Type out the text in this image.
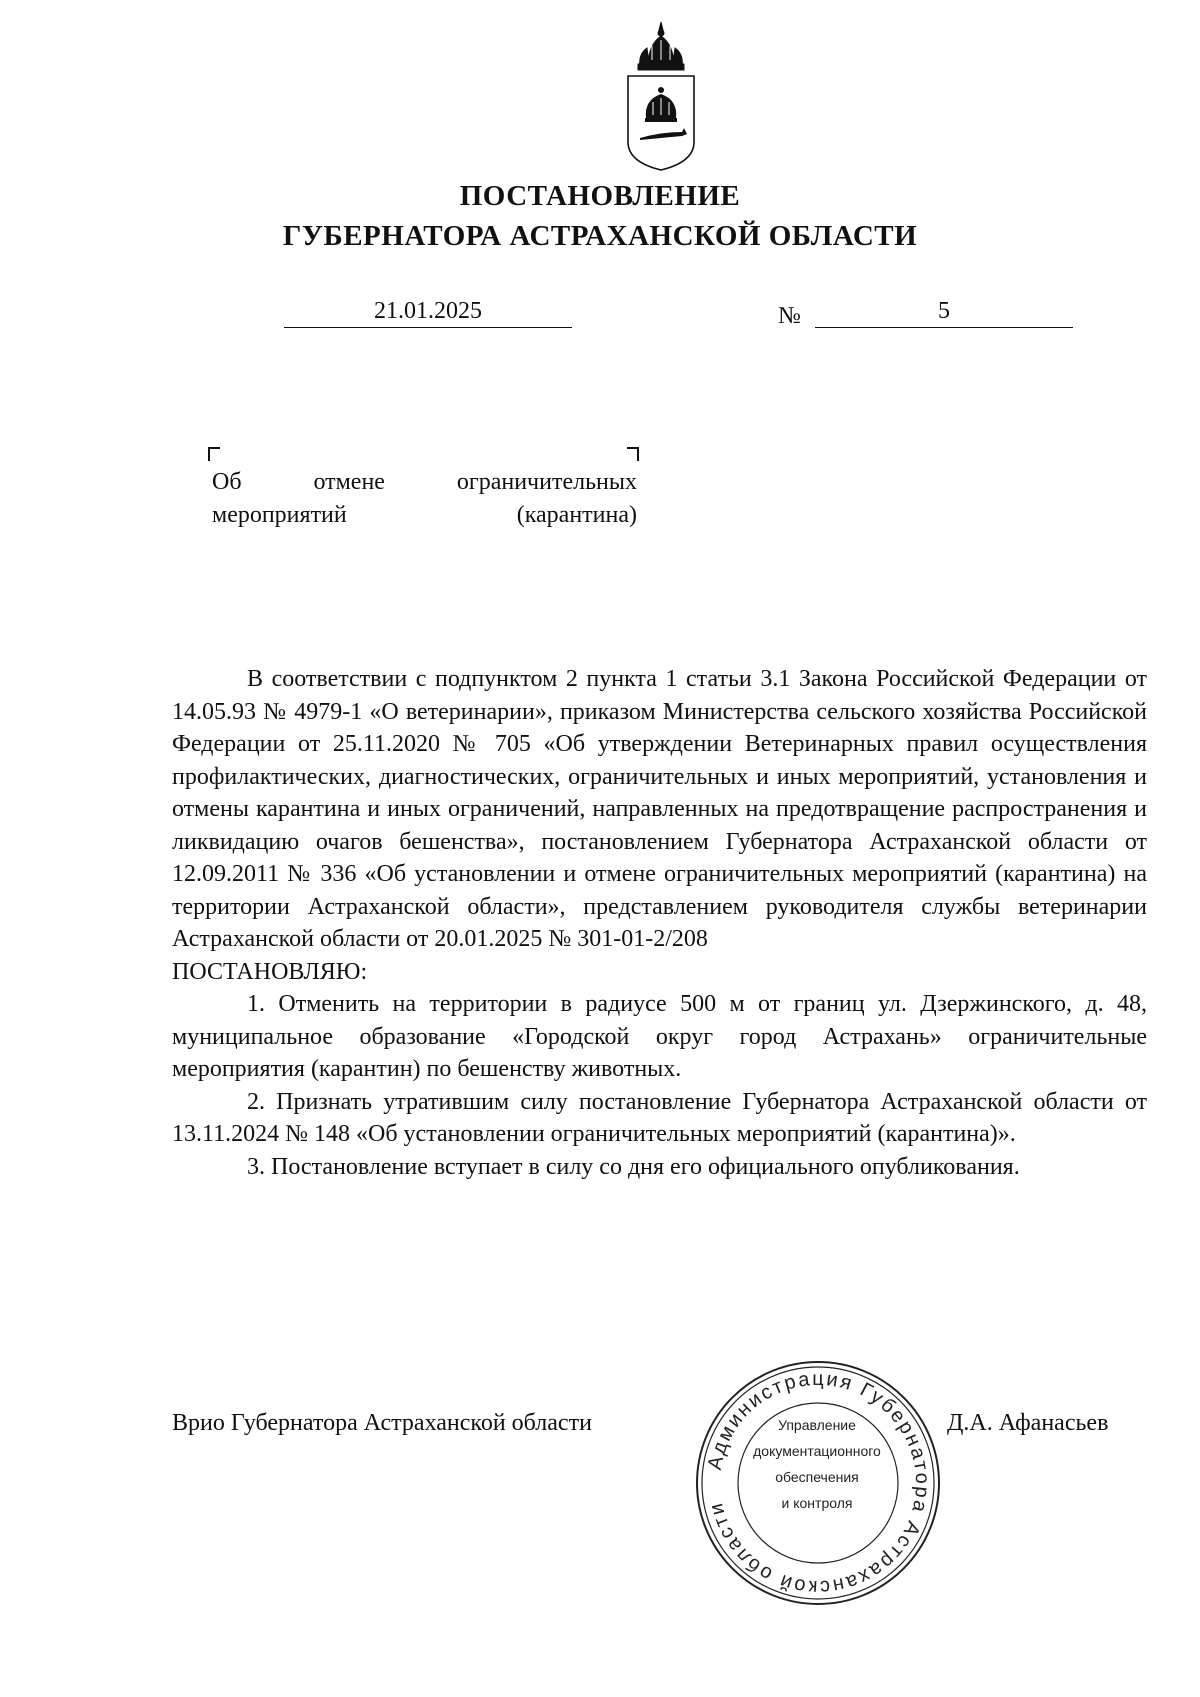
ПОСТАНОВЛЕНИЕ
ГУБЕРНАТОРА АСТРАХАНСКОЙ ОБЛАСТИ
21.01.2025	№	5
Об отмене ограничительных
мероприятий (карантина)

В соответствии с подпунктом 2 пункта 1 статьи 3.1 Закона Российской Федерации от 14.05.93 № 4979-1 «О ветеринарии», приказом Министерства сельского хозяйства Российской Федерации от 25.11.2020 № 705 «Об утверждении Ветеринарных правил осуществления профилактических, диагностических, ограничительных и иных мероприятий, установления и отмены карантина и иных ограничений, направленных на предотвращение распространения и ликвидацию очагов бешенства», постановлением Губернатора Астраханской области от 12.09.2011 № 336 «Об установлении и отмене ограничительных мероприятий (карантина) на территории Астраханской области», представлением руководителя службы ветеринарии Астраханской области от 20.01.2025 № 301-01-2/208

ПОСТАНОВЛЯЮ:

1. Отменить на территории в радиусе 500 м от границ ул. Дзержинского, д. 48, муниципальное образование «Городской округ город Астрахань» ограничительные мероприятия (карантин) по бешенству животных.

2. Признать утратившим силу постановление Губернатора Астраханской области от 13.11.2024 № 148 «Об установлении ограничительных мероприятий (карантина)».

3. Постановление вступает в силу со дня его официального опубликования.

Врио Губернатора Астраханской области	Д.А. Афанасьев
Администрация Губернатора Астраханской области
Управление
документационного
обеспечения
и контроля
